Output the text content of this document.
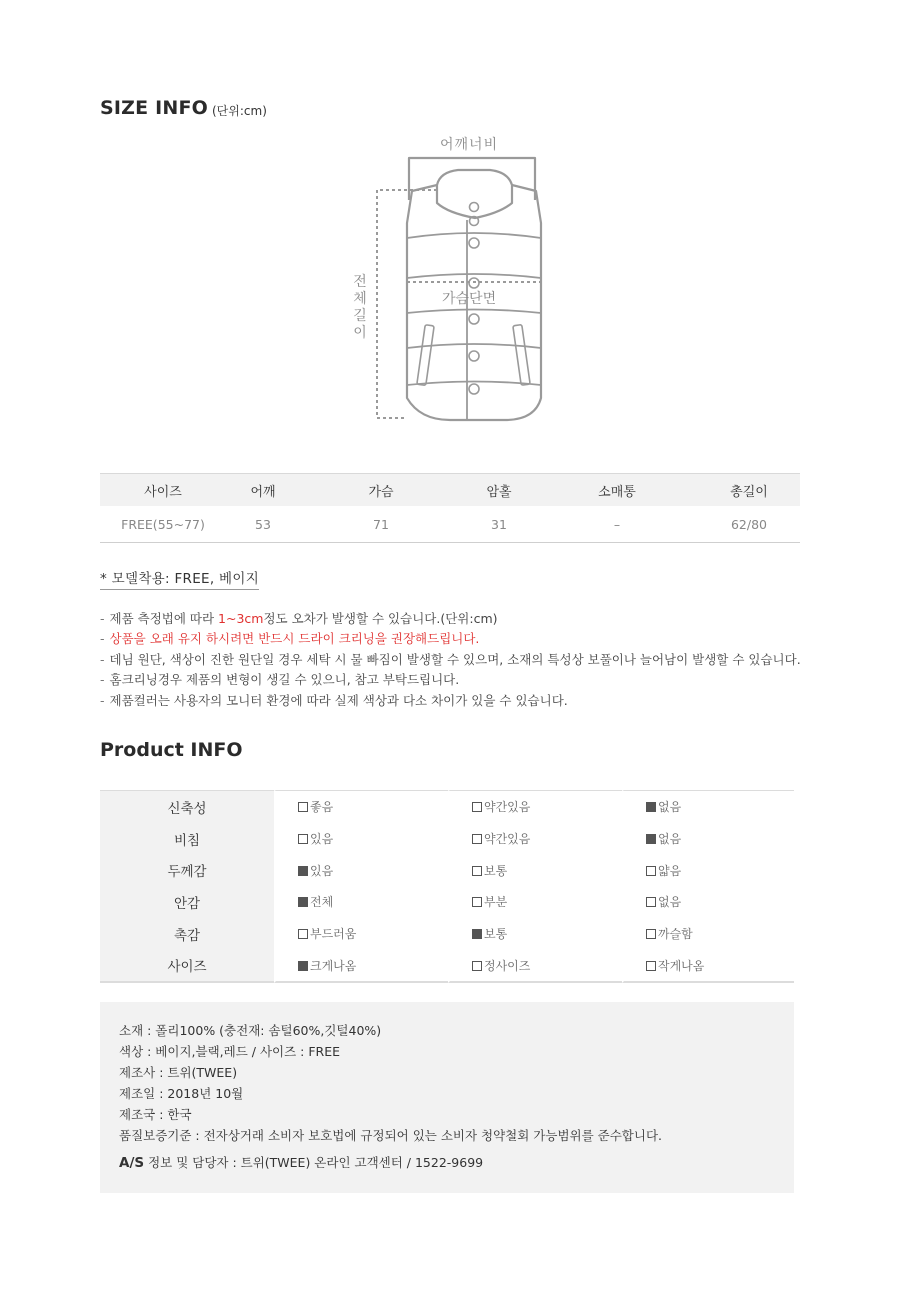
SIZE INFO (단위:cm)
어깨너비
전
체
길
이
가슴단면
사이즈	어깨	가슴	암홀	소매통	총길이
FREE(55~77)	53	71	31	–	62/80
* 모델착용: FREE, 베이지
- 제품 측정법에 따라 1~3cm정도 오차가 발생할 수 있습니다.(단위:cm)
- 상품을 오래 유지 하시려면 반드시 드라이 크리닝을 권장해드립니다.
- 데님 원단, 색상이 진한 원단일 경우 세탁 시 물 빠짐이 발생할 수 있으며, 소재의 특성상 보풀이나 늘어남이 발생할 수 있습니다.
- 홈크리닝경우 제품의 변형이 생길 수 있으니, 참고 부탁드립니다.
- 제품컬러는 사용자의 모니터 환경에 따라 실제 색상과 다소 차이가 있을 수 있습니다.
Product INFO
신축성	좋음	약간있음	없음
비침	있음	약간있음	없음
두께감	있음	보통	얇음
안감	전체	부분	없음
촉감	부드러움	보통	까슬함
사이즈	크게나옴	정사이즈	작게나옴
소재 : 폴리100% (충전재: 솜털60%,깃털40%)
색상 : 베이지,블랙,레드 / 사이즈 : FREE
제조사 : 트위(TWEE)
제조일 : 2018년 10월
제조국 : 한국
품질보증기준 : 전자상거래 소비자 보호법에 규정되어 있는 소비자 청약철회 가능범위를 준수합니다.
A/S 정보 및 담당자 : 트위(TWEE) 온라인 고객센터 / 1522-9699
